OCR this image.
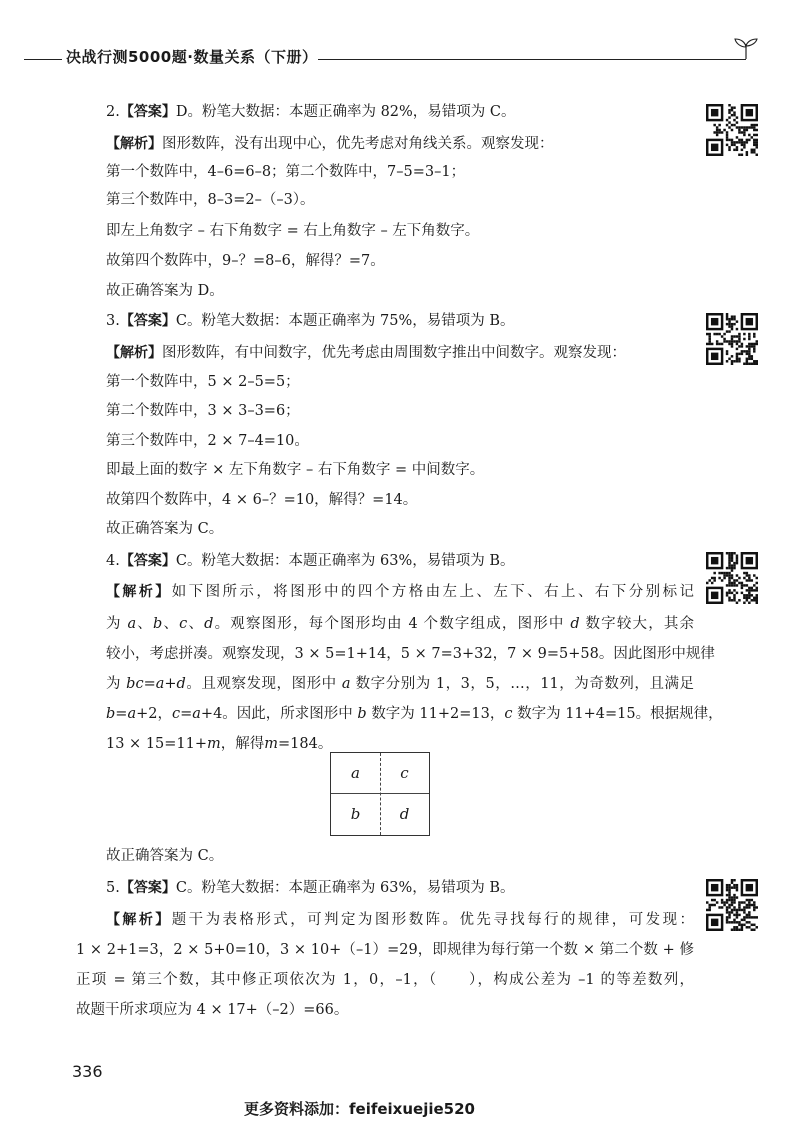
决战行测5000题·数量关系（下册）
2.【答案】D。粉笔大数据：本题正确率为 82%，易错项为 C。
【解析】图形数阵，没有出现中心，优先考虑对角线关系。观察发现：
第一个数阵中，4–6=6–8；第二个数阵中，7–5=3–1；
第三个数阵中，8–3=2–（–3）。
即左上角数字 – 右下角数字 = 右上角数字 – 左下角数字。
故第四个数阵中，9–？=8–6，解得？=7。
故正确答案为 D。
3.【答案】C。粉笔大数据：本题正确率为 75%，易错项为 B。
【解析】图形数阵，有中间数字，优先考虑由周围数字推出中间数字。观察发现：
第一个数阵中，5 × 2–5=5；
第二个数阵中，3 × 3–3=6；
第三个数阵中，2 × 7–4=10。
即最上面的数字 × 左下角数字 – 右下角数字 = 中间数字。
故第四个数阵中，4 × 6–？=10，解得？=14。
故正确答案为 C。
4.【答案】C。粉笔大数据：本题正确率为 63%，易错项为 B。
【解析】如下图所示，将图形中的四个方格由左上、左下、右上、右下分别标记
为 a、b、c、d。观察图形，每个图形均由 4 个数字组成，图形中 d 数字较大，其余
较小，考虑拼凑。观察发现，3 × 5=1+14，5 × 7=3+32，7 × 9=5+58。因此图形中规律
为 bc=a+d。且观察发现，图形中 a 数字分别为 1，3，5，…，11，为奇数列，且满足
b=a+2，c=a+4。因此，所求图形中 b 数字为 11+2=13，c 数字为 11+4=15。根据规律，
13 × 15=11+m，解得m=184。
a	c
b	d
故正确答案为 C。
5.【答案】C。粉笔大数据：本题正确率为 63%，易错项为 B。
【解析】题干为表格形式，可判定为图形数阵。优先寻找每行的规律，可发现：
1 × 2+1=3，2 × 5+0=10，3 × 10+（–1）=29，即规律为每行第一个数 × 第二个数 + 修
正项 = 第三个数，其中修正项依次为 1，0，–1，（　　），构成公差为 –1 的等差数列，
故题干所求项应为 4 × 17+（–2）=66。
336
更多资料添加：feifeixuejie520
